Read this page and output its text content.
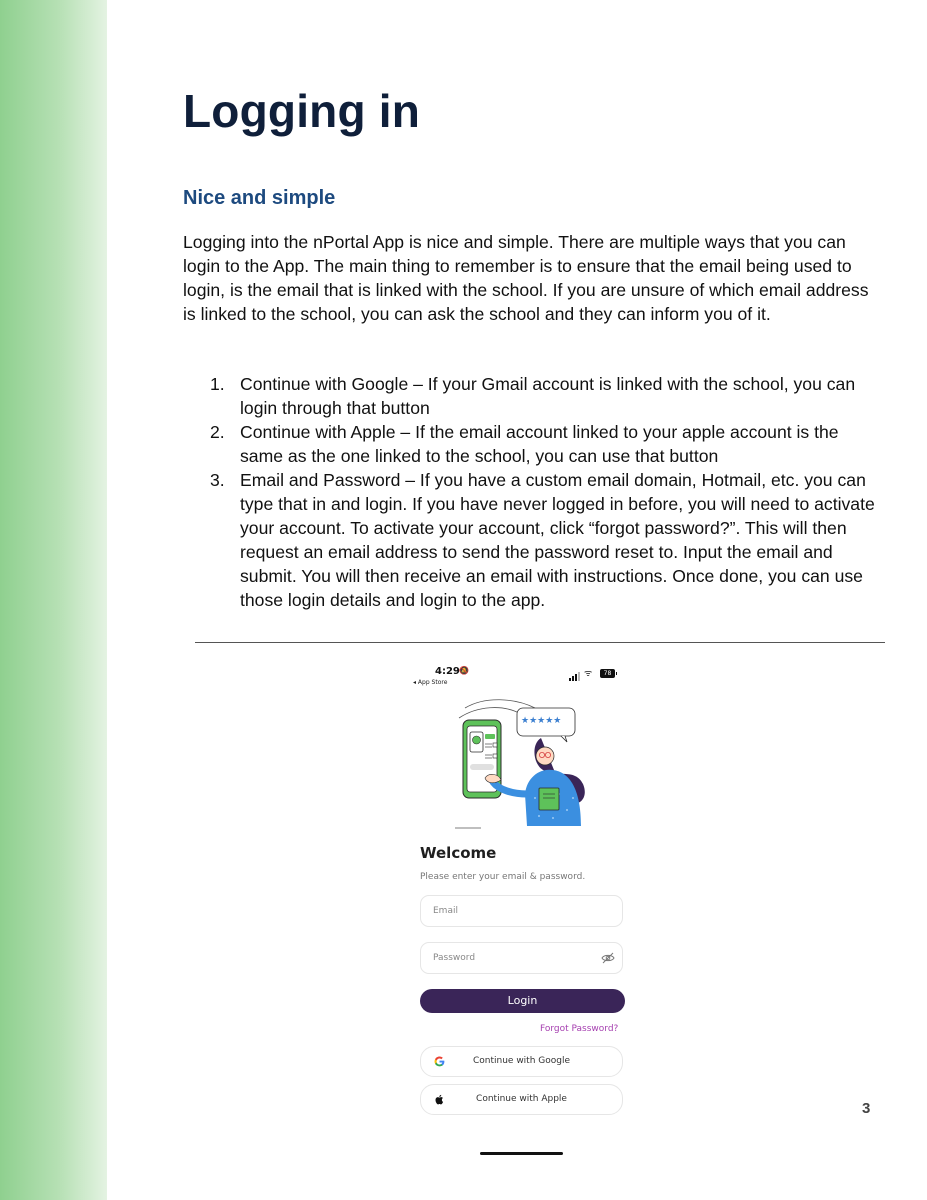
Logging in
Nice and simple

Logging into the nPortal App is nice and simple. There are multiple ways that you can login to the App. The main thing to remember is to ensure that the email being used to login, is the email that is linked with the school. If you are unsure of which email address is linked to the school, you can ask the school and they can inform you of it.

1. Continue with Google – If your Gmail account is linked with the school, you can login through that button
2. Continue with Apple – If the email account linked to your apple account is the same as the one linked to the school, you can use that button
3. Email and Password – If you have a custom email domain, Hotmail, etc. you can type that in and login. If you have never logged in before, you will need to activate your account. To activate your account, click “forgot password?”. This will then request an email address to send the password reset to. Input the email and submit. You will then receive an email with instructions. Once done, you can use those login details and login to the app.
4:29 🔕
◂ App Store
ᯤ	78
★★★★★
Welcome
Please enter your email & password.
Email
Password
Login
Forgot Password?
Continue with Google
Continue with Apple
3
